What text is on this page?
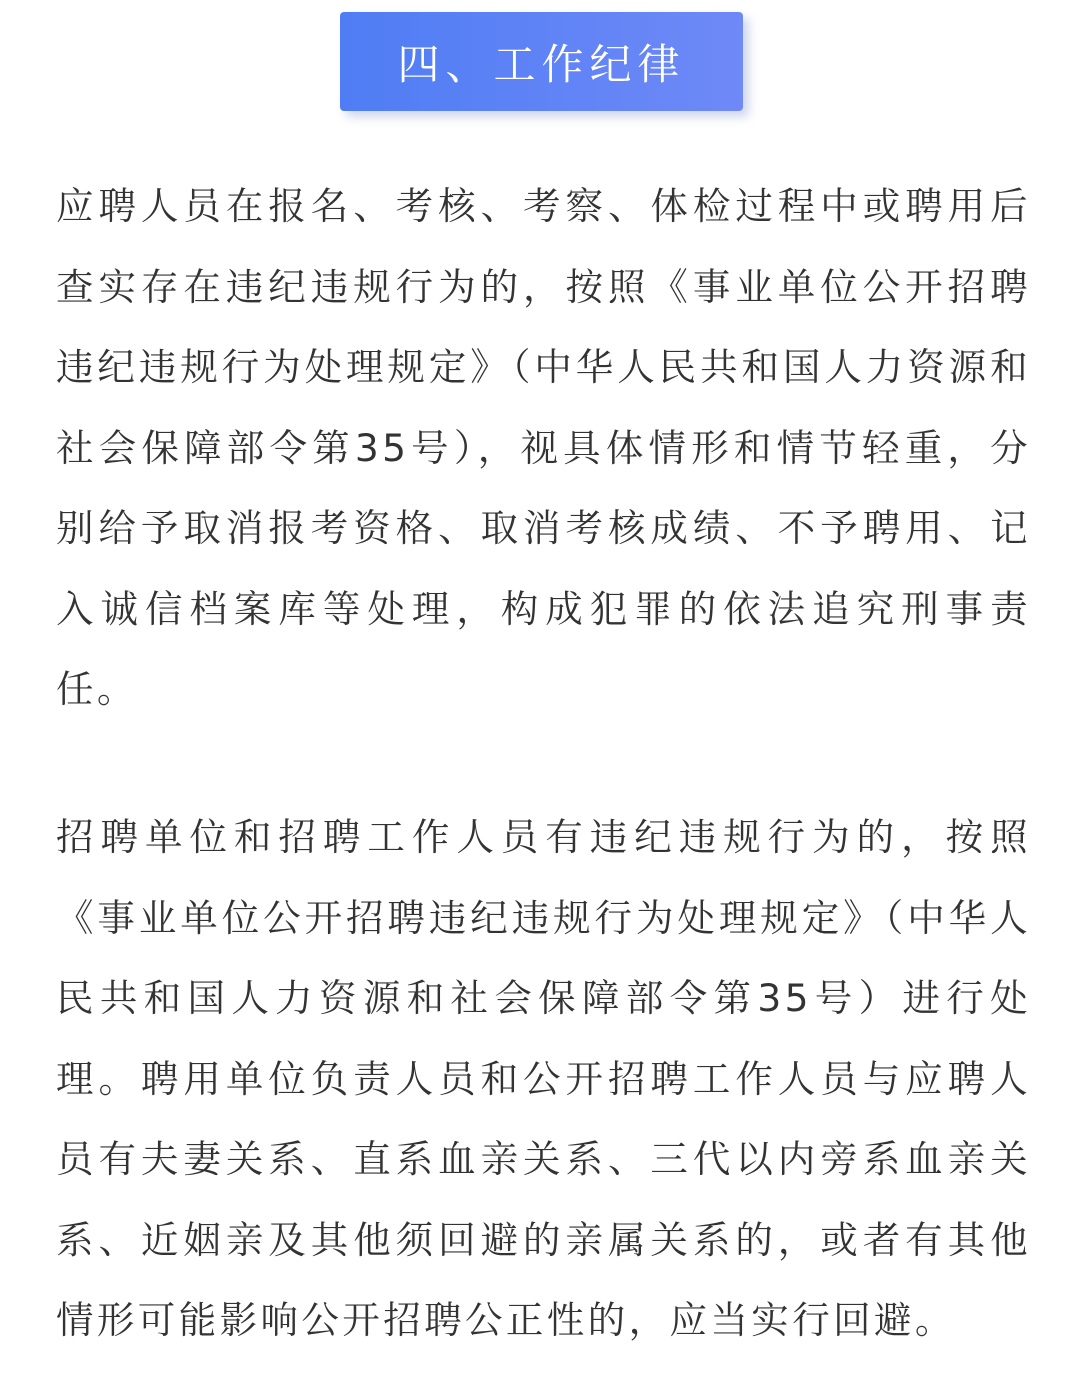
四、工作纪律

应聘人员在报名、考核、考察、体检过程中或聘用后查实存在违纪违规行为的，按照《事业单位公开招聘违纪违规行为处理规定》（中华人民共和国人力资源和社会保障部令第35号），视具体情形和情节轻重，分别给予取消报考资格、取消考核成绩、不予聘用、记入诚信档案库等处理，构成犯罪的依法追究刑事责任。

招聘单位和招聘工作人员有违纪违规行为的，按照《事业单位公开招聘违纪违规行为处理规定》（中华人民共和国人力资源和社会保障部令第35号）进行处理。聘用单位负责人员和公开招聘工作人员与应聘人员有夫妻关系、直系血亲关系、三代以内旁系血亲关系、近姻亲及其他须回避的亲属关系的，或者有其他情形可能影响公开招聘公正性的，应当实行回避。
